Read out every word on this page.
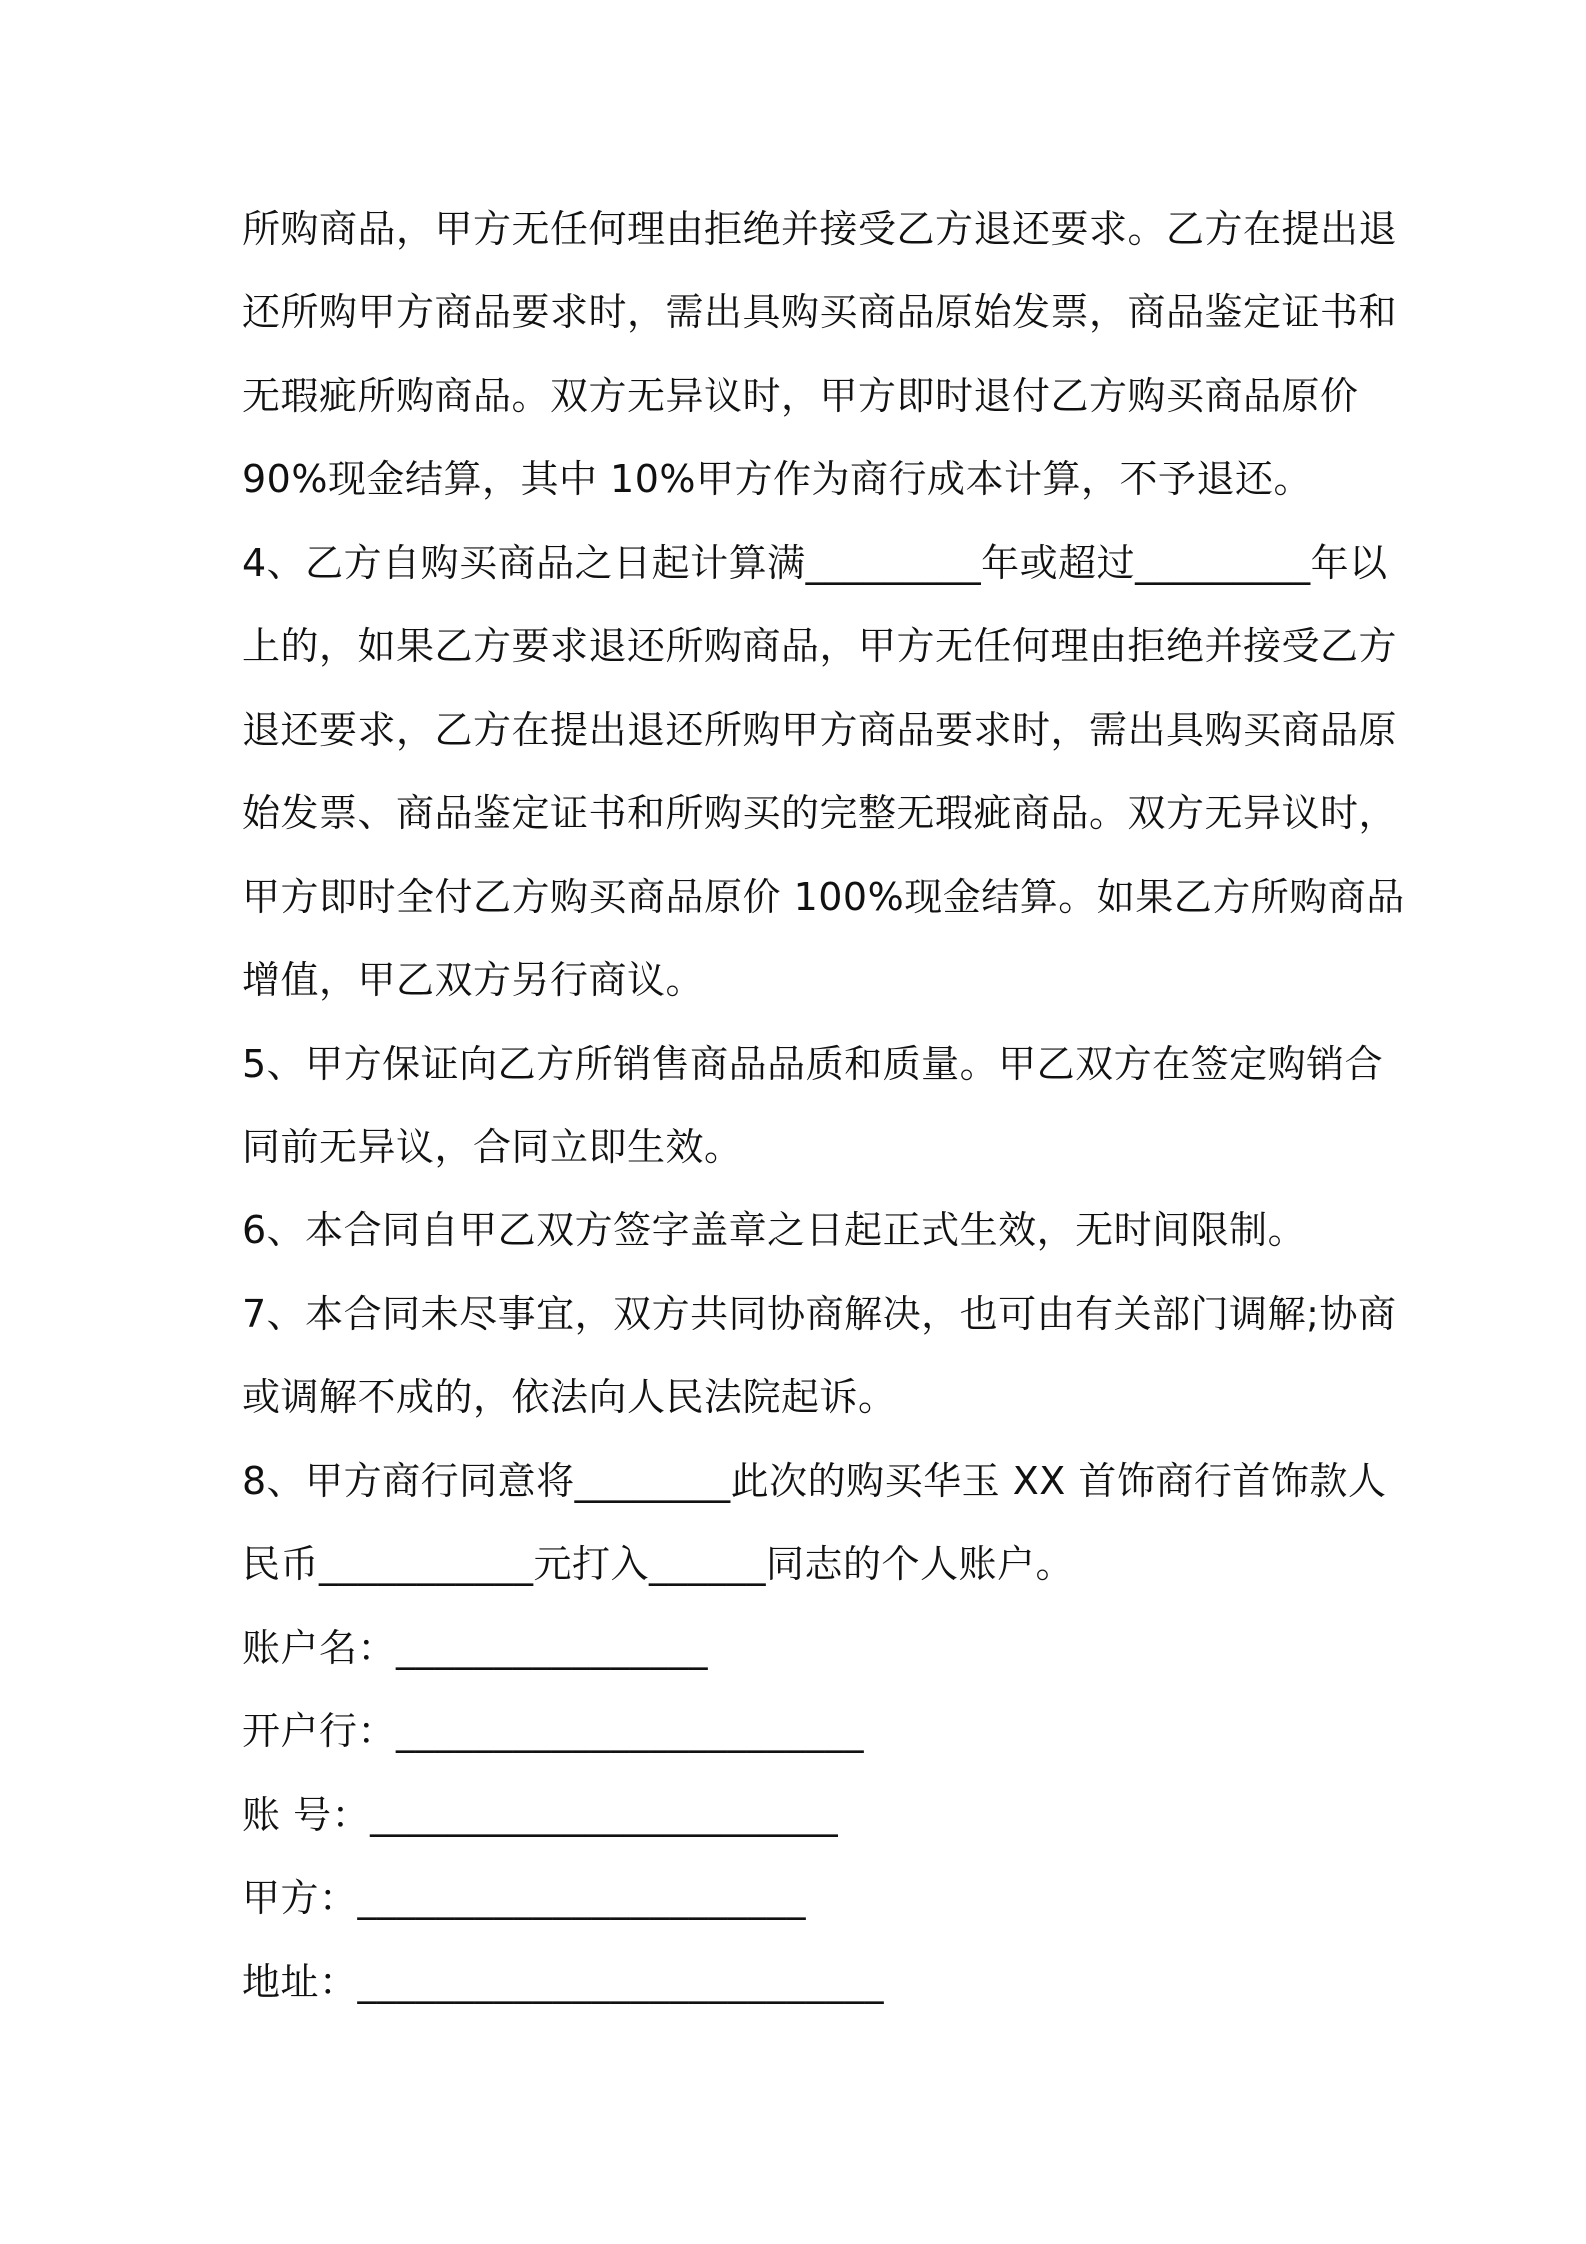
所购商品，甲方无任何理由拒绝并接受乙方退还要求。乙方在提出退
还所购甲方商品要求时，需出具购买商品原始发票，商品鉴定证书和
无瑕疵所购商品。双方无异议时，甲方即时退付乙方购买商品原价
90%现金结算，其中 10%甲方作为商行成本计算，不予退还。
4、乙方自购买商品之日起计算满_________年或超过_________年以
上的，如果乙方要求退还所购商品，甲方无任何理由拒绝并接受乙方
退还要求，乙方在提出退还所购甲方商品要求时，需出具购买商品原
始发票、商品鉴定证书和所购买的完整无瑕疵商品。双方无异议时，
甲方即时全付乙方购买商品原价 100%现金结算。如果乙方所购商品
增值，甲乙双方另行商议。
5、甲方保证向乙方所销售商品品质和质量。甲乙双方在签定购销合
同前无异议，合同立即生效。
6、本合同自甲乙双方签字盖章之日起正式生效，无时间限制。
7、本合同未尽事宜，双方共同协商解决，也可由有关部门调解;协商
或调解不成的，依法向人民法院起诉。
8、甲方商行同意将________此次的购买华玉 XX 首饰商行首饰款人
民币___________元打入______同志的个人账户。
账户名：________________
开户行：________________________
账 号：________________________
甲方：_______________________
地址：___________________________
